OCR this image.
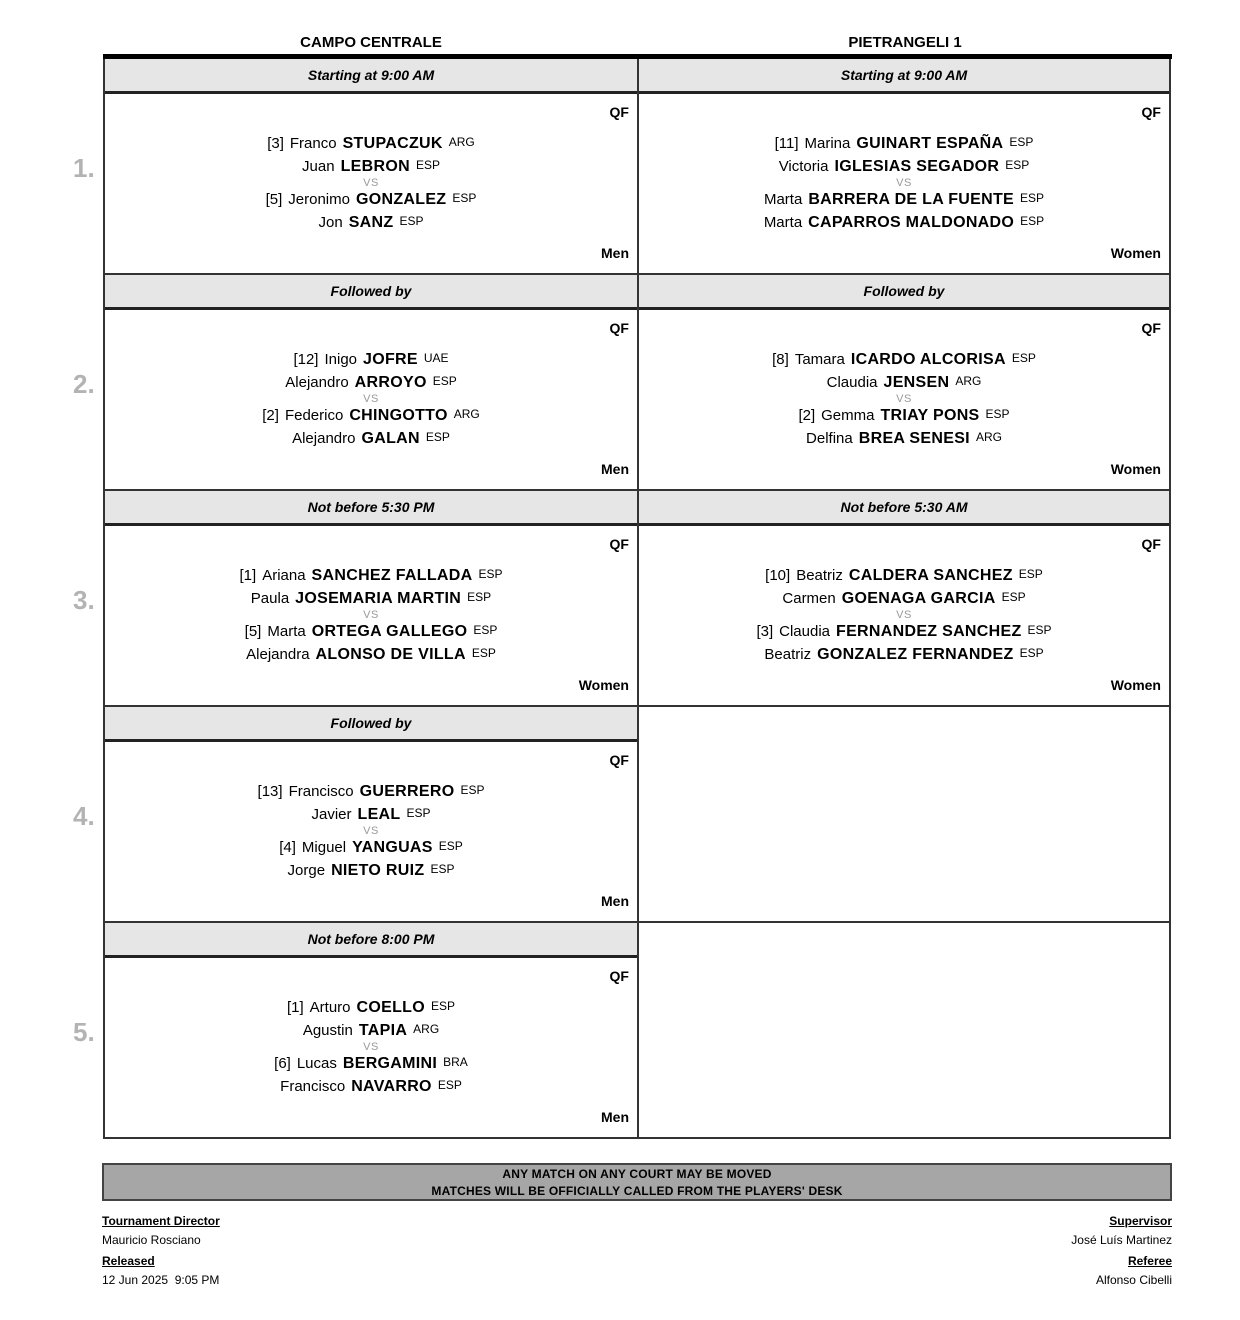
CAMPO CENTRALE	PIETRANGELI 1
1.
Starting at 9:00 AM
QF
[3] Franco STUPACZUK ARG
Juan LEBRON ESP
VS
[5] Jeronimo GONZALEZ ESP
Jon SANZ ESP
Men
Starting at 9:00 AM
QF
[11] Marina GUINART ESPAÑA ESP
Victoria IGLESIAS SEGADOR ESP
VS
Marta BARRERA DE LA FUENTE ESP
Marta CAPARROS MALDONADO ESP
Women
2.
Followed by
QF
[12] Inigo JOFRE UAE
Alejandro ARROYO ESP
VS
[2] Federico CHINGOTTO ARG
Alejandro GALAN ESP
Men
Followed by
QF
[8] Tamara ICARDO ALCORISA ESP
Claudia JENSEN ARG
VS
[2] Gemma TRIAY PONS ESP
Delfina BREA SENESI ARG
Women
3.
Not before 5:30 PM
QF
[1] Ariana SANCHEZ FALLADA ESP
Paula JOSEMARIA MARTIN ESP
VS
[5] Marta ORTEGA GALLEGO ESP
Alejandra ALONSO DE VILLA ESP
Women
Not before 5:30 AM
QF
[10] Beatriz CALDERA SANCHEZ ESP
Carmen GOENAGA GARCIA ESP
VS
[3] Claudia FERNANDEZ SANCHEZ ESP
Beatriz GONZALEZ FERNANDEZ ESP
Women
4.
Followed by
QF
[13] Francisco GUERRERO ESP
Javier LEAL ESP
VS
[4] Miguel YANGUAS ESP
Jorge NIETO RUIZ ESP
Men
5.
Not before 8:00 PM
QF
[1] Arturo COELLO ESP
Agustin TAPIA ARG
VS
[6] Lucas BERGAMINI BRA
Francisco NAVARRO ESP
Men
ANY MATCH ON ANY COURT MAY BE MOVED
MATCHES WILL BE OFFICIALLY CALLED FROM THE PLAYERS' DESK
Tournament Director
Mauricio Rosciano
Released
12 Jun 2025  9:05 PM
Supervisor
José Luís Martinez
Referee
Alfonso Cibelli
